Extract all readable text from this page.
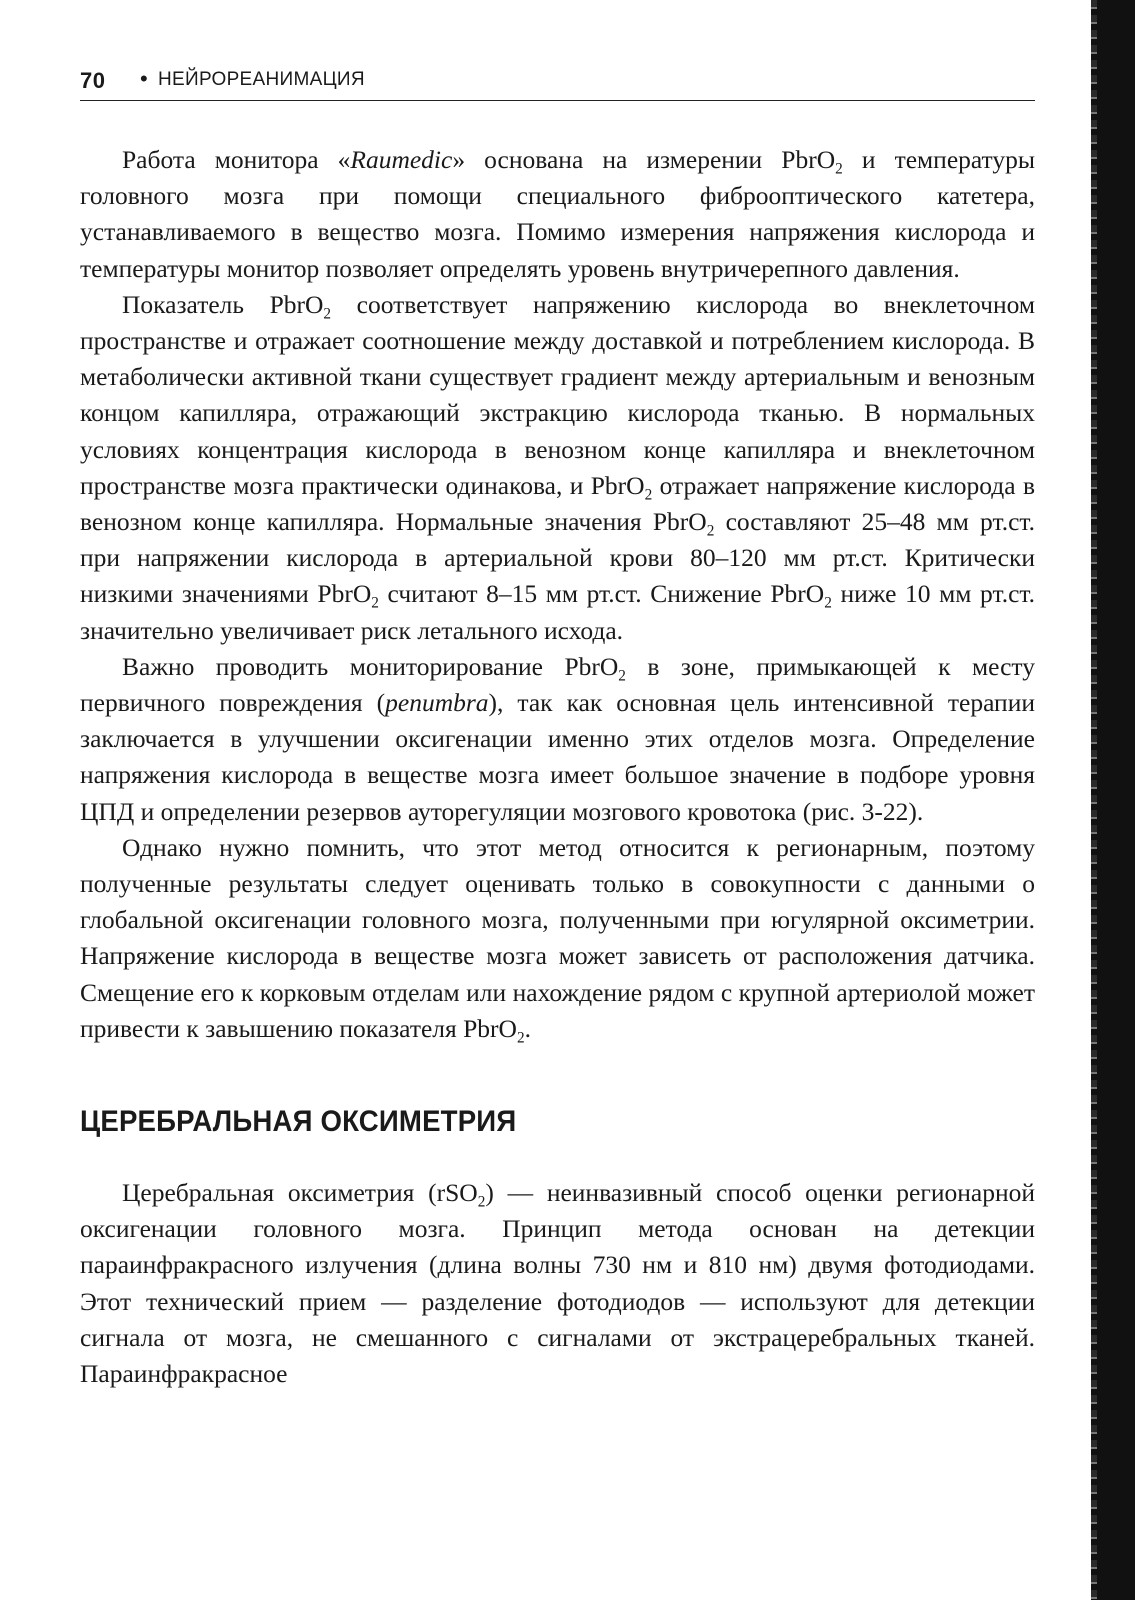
70 • НЕЙРОРЕАНИМАЦИЯ

Работа монитора «Raumedic» основана на измерении PbrO$_2$ и температуры головного мозга при помощи специального фиброоптического катетера, устанавливаемого в вещество мозга. Помимо измерения напряжения кислорода и температуры монитор позволяет определять уровень внутричерепного давления.

Показатель PbrO$_2$ соответствует напряжению кислорода во внеклеточном пространстве и отражает соотношение между доставкой и потреблением кислорода. В метаболически активной ткани существует градиент между артериальным и венозным концом капилляра, отражающий экстракцию кислорода тканью. В нормальных условиях концентрация кислорода в венозном конце капилляра и внеклеточном пространстве мозга практически одинакова, и PbrO$_2$ отражает напряжение кислорода в венозном конце капилляра. Нормальные значения PbrO$_2$ составляют 25–48 мм рт.ст. при напряжении кислорода в артериальной крови 80–120 мм рт.ст. Критически низкими значениями PbrO$_2$ считают 8–15 мм рт.ст. Снижение PbrO$_2$ ниже 10 мм рт.ст. значительно увеличивает риск летального исхода.

Важно проводить мониторирование PbrO$_2$ в зоне, примыкающей к месту первичного повреждения (penumbra), так как основная цель интенсивной терапии заключается в улучшении оксигенации именно этих отделов мозга. Определение напряжения кислорода в веществе мозга имеет большое значение в подборе уровня ЦПД и определении резервов ауторегуляции мозгового кровотока (рис. 3-22).

Однако нужно помнить, что этот метод относится к регионарным, поэтому полученные результаты следует оценивать только в совокупности с данными о глобальной оксигенации головного мозга, полученными при югулярной оксиметрии. Напряжение кислорода в веществе мозга может зависеть от расположения датчика. Смещение его к корковым отделам или нахождение рядом с крупной артериолой может привести к завышению показателя PbrO$_2$.

ЦЕРЕБРАЛЬНАЯ ОКСИМЕТРИЯ

Церебральная оксиметрия (rSO$_2$) — неинвазивный способ оценки регионарной оксигенации головного мозга. Принцип метода основан на детекции параинфракрасного излучения (длина волны 730 нм и 810 нм) двумя фотодиодами. Этот технический прием — разделение фотодиодов — используют для детекции сигнала от мозга, не смешанного с сигналами от экстрацеребральных тканей. Параинфракрасное
